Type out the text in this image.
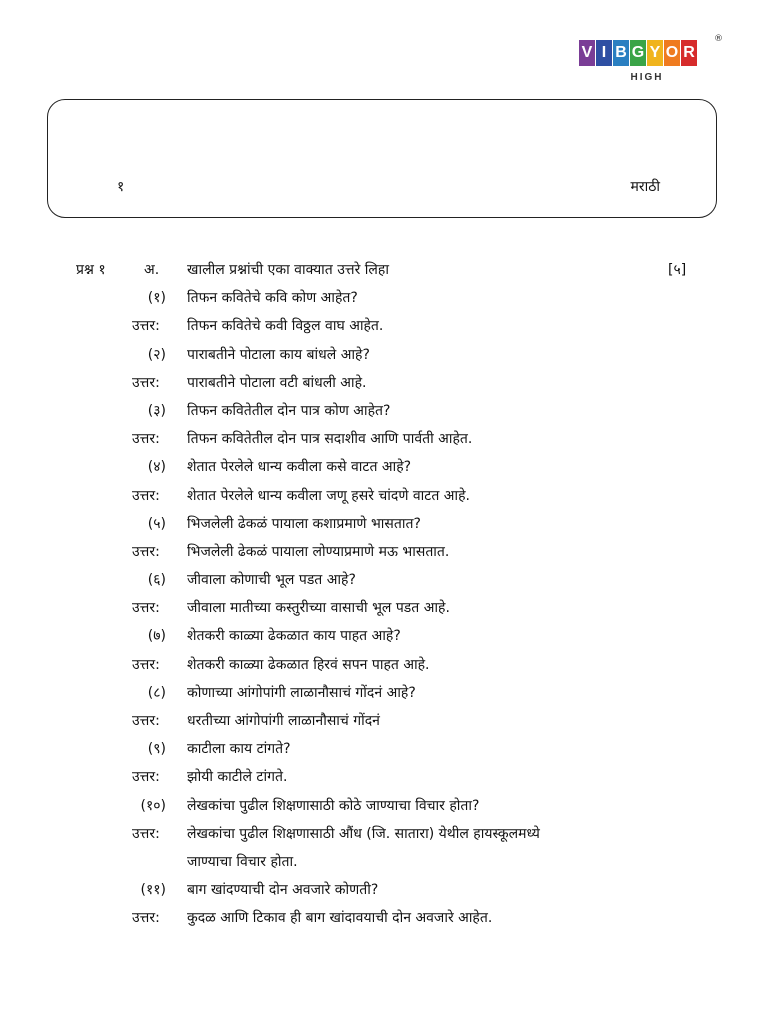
V I B G Y O R
®
HIGH
१	मराठी
प्रश्न १	अ. खालील प्रश्नांची एका वाक्यात उत्तरे लिहा	[५]
(१) तिफन कवितेचे कवि कोण आहेत?
उत्तर: तिफन कवितेचे कवी विठ्ठल वाघ आहेत.
(२) पाराबतीने पोटाला काय बांधले आहे?
उत्तर: पाराबतीने पोटाला वटी बांधली आहे.
(३) तिफन कवितेतील दोन पात्र कोण आहेत?
उत्तर: तिफन कवितेतील दोन पात्र सदाशीव आणि पार्वती आहेत.
(४) शेतात पेरलेले धान्य कवीला कसे वाटत आहे?
उत्तर: शेतात पेरलेले धान्य कवीला जणू हसरे चांदणे वाटत आहे.
(५) भिजलेली ढेकळं पायाला कशाप्रमाणे भासतात?
उत्तर: भिजलेली ढेकळं पायाला लोण्याप्रमाणे मऊ भासतात.
(६) जीवाला कोणाची भूल पडत आहे?
उत्तर: जीवाला मातीच्या कस्तुरीच्या वासाची भूल पडत आहे.
(७) शेतकरी काळ्या ढेकळात काय पाहत आहे?
उत्तर: शेतकरी काळ्या ढेकळात हिरवं सपन पाहत आहे.
(८) कोणाच्या आंगोपांगी लाळानौसाचं गोंदनं आहे?
उत्तर: धरतीच्या आंगोपांगी लाळानौसाचं गोंदनं
(९) काटीला काय टांगते?
उत्तर: झोयी काटीले टांगते.
(१०) लेखकांचा पुढील शिक्षणासाठी कोठे जाण्याचा विचार होता?
उत्तर: लेखकांचा पुढील शिक्षणासाठी औंध (जि. सातारा) येथील हायस्कूलमध्ये
जाण्याचा विचार होता.
(११) बाग खांदण्याची दोन अवजारे कोणती?
उत्तर: कुदळ आणि टिकाव ही बाग खांदावयाची दोन अवजारे आहेत.
